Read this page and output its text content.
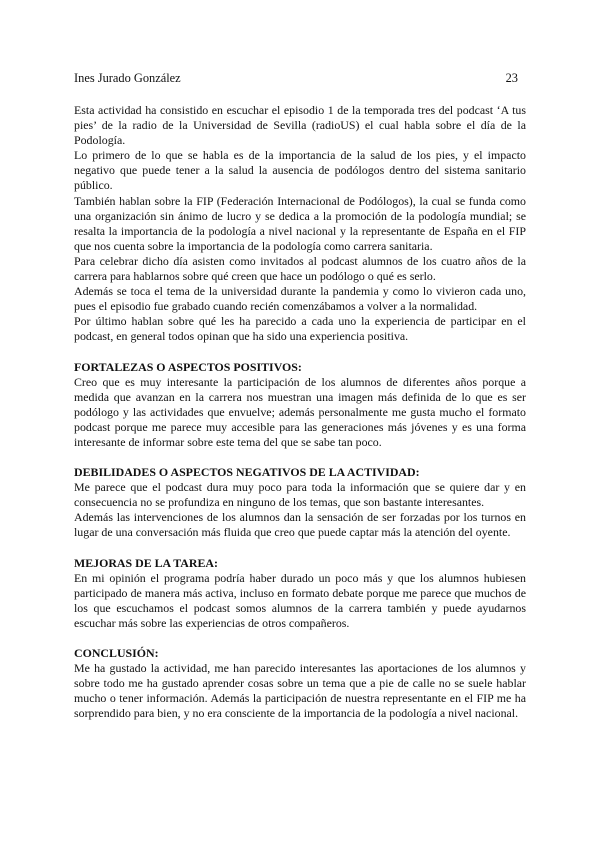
Ines Jurado González	23

Esta actividad ha consistido en escuchar el episodio 1 de la temporada tres del podcast ‘A tus pies’ de la radio de la Universidad de Sevilla (radioUS) el cual habla sobre el día de la Podología.

Lo primero de lo que se habla es de la importancia de la salud de los pies, y el impacto negativo que puede tener a la salud la ausencia de podólogos dentro del sistema sanitario público.

También hablan sobre la FIP (Federación Internacional de Podólogos), la cual se funda como una organización sin ánimo de lucro y se dedica a la promoción de la podología mundial; se resalta la importancia de la podología a nivel nacional y la representante de España en el FIP que nos cuenta sobre la importancia de la podología como carrera sanitaria.

Para celebrar dicho día asisten como invitados al podcast alumnos de los cuatro años de la carrera para hablarnos sobre qué creen que hace un podólogo o qué es serlo.

Además se toca el tema de la universidad durante la pandemia y como lo vivieron cada uno, pues el episodio fue grabado cuando recién comenzábamos a volver a la normalidad.

Por último hablan sobre qué les ha parecido a cada uno la experiencia de participar en el podcast, en general todos opinan que ha sido una experiencia positiva.

FORTALEZAS O ASPECTOS POSITIVOS:

Creo que es muy interesante la participación de los alumnos de diferentes años porque a medida que avanzan en la carrera nos muestran una imagen más definida de lo que es ser podólogo y las actividades que envuelve; además personalmente me gusta mucho el formato podcast porque me parece muy accesible para las generaciones más jóvenes y es una forma interesante de informar sobre este tema del que se sabe tan poco.

DEBILIDADES O ASPECTOS NEGATIVOS DE LA ACTIVIDAD:

Me parece que el podcast dura muy poco para toda la información que se quiere dar y en consecuencia no se profundiza en ninguno de los temas, que son bastante interesantes.

Además las intervenciones de los alumnos dan la sensación de ser forzadas por los turnos en lugar de una conversación más fluida que creo que puede captar más la atención del oyente.

MEJORAS DE LA TAREA:

En mi opinión el programa podría haber durado un poco más y que los alumnos hubiesen participado de manera más activa, incluso en formato debate porque me parece que muchos de los que escuchamos el podcast somos alumnos de la carrera también y puede ayudarnos escuchar más sobre las experiencias de otros compañeros.

CONCLUSIÓN:

Me ha gustado la actividad, me han parecido interesantes las aportaciones de los alumnos y sobre todo me ha gustado aprender cosas sobre un tema que a pie de calle no se suele hablar mucho o tener información. Además la participación de nuestra representante en el FIP me ha sorprendido para bien, y no era consciente de la importancia de la podología a nivel nacional.
